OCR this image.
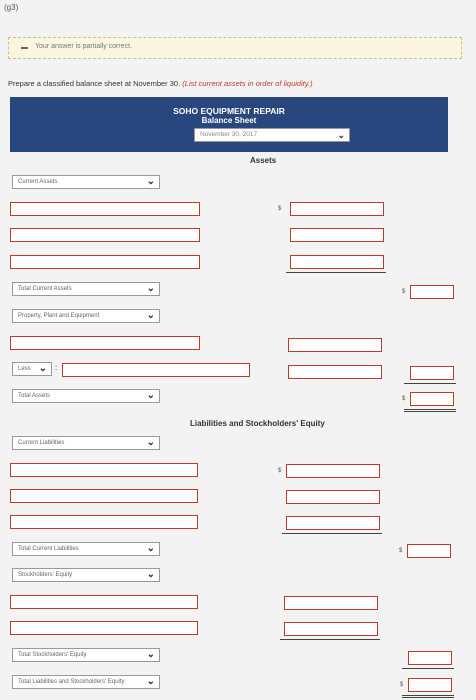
(g3)
Your answer is partially correct.
Prepare a classified balance sheet at November 30. (List current assets in order of liquidity.)
SOHO EQUIPMENT REPAIR
Balance Sheet
November 30, 2017	⌄
Assets
Current Assets	⌄
$
Total Current Assets	⌄	$
Property, Plant and Equipment	⌄
Less ⌄ :
Total Assets	⌄	$
Liabilities and Stockholders' Equity
Current Liabilities	⌄
$
Total Current Liabilities	⌄	$
Stockholders' Equity	⌄
Total Stockholders' Equity	⌄
Total Liabilities and Stockholders' Equity ⌄	$
